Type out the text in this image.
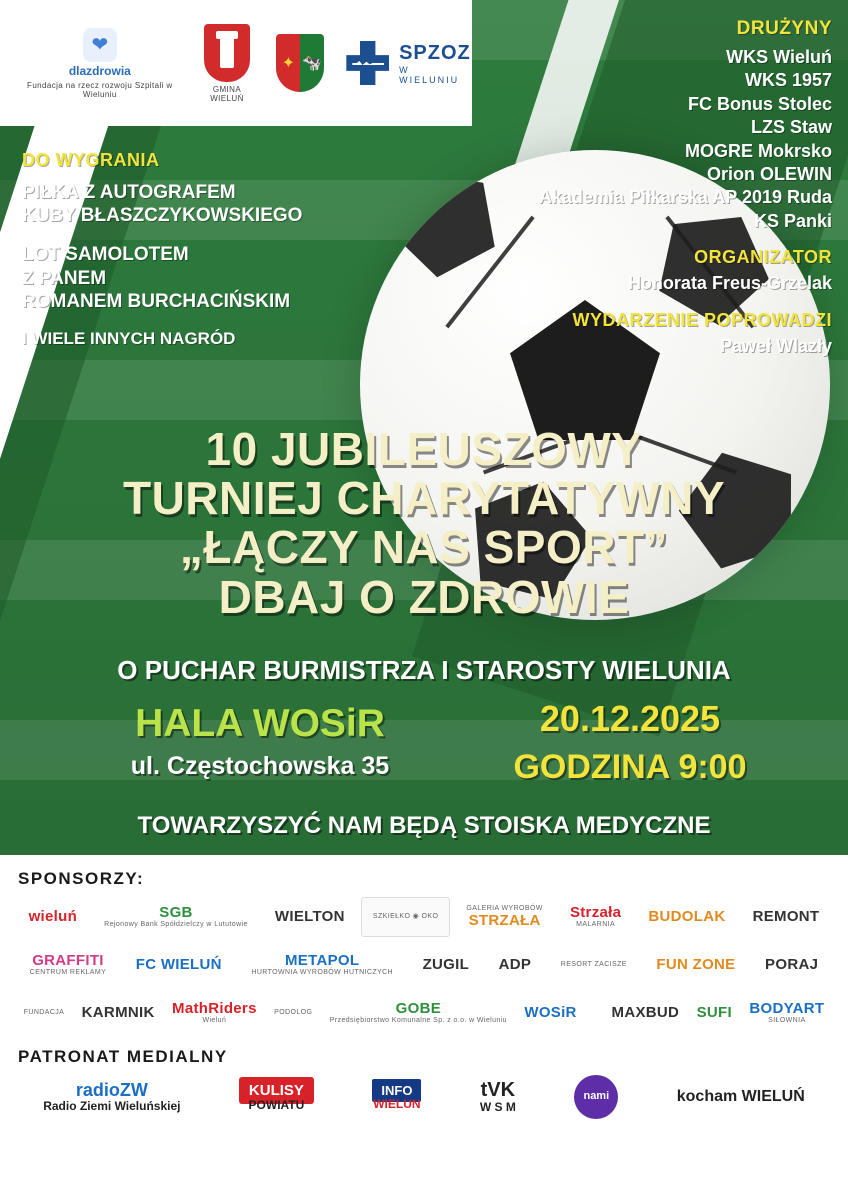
❤
dlazdrowia
Fundacja na rzecz rozwoju Szpitali w Wieluniu
GMINA WIELUŃ
✦ 🐄	SPZOZ
W WIELUNIU
DO WYGRANIA
PIŁKA Z AUTOGRAFEM
KUBY BŁASZCZYKOWSKIEGO
LOT SAMOLOTEM
Z PANEM
ROMANEM BURCHACIŃSKIM
I WIELE INNYCH NAGRÓD
DRUŻYNY
WKS Wieluń
WKS 1957
FC Bonus Stolec
LZS Staw
MOGRE Mokrsko
Orion OLEWIN
Akademia Piłkarska AP 2019 Ruda
KS Panki
ORGANIZATOR
Honorata Freus-Grzelak
WYDARZENIE POPROWADZI
Paweł Wlazły
10 JUBILEUSZOWY
TURNIEJ CHARYTATYWNY
„ŁĄCZY NAS SPORT”
DBAJ O ZDROWIE
O PUCHAR BURMISTRZA I STAROSTY WIELUNIA
HALA WOSiR
ul. Częstochowska 35
20.12.2025
GODZINA 9:00
TOWARZYSZYĆ NAM BĘDĄ STOISKA MEDYCZNE
SPONSORZY:
wieluń	SGB
Rejonowy Bank Spółdzielczy w Lututowie WIELTON	SZKIEŁKO ◉ OKO
GALERIA WYROBÓW
STRZAŁA Strzała
MALARNIA	BUDOLAK REMONT
GRAFFITI
CENTRUM REKLAMY FC WIELUŃ	METAPOL
HURTOWNIA WYROBÓW HUTNICZYCH ZUGIL ADP	RESORT ZACISZE FUN ZONE PORAJ
FUNDACJA KARMNIK MathRiders
Wieluń
PODOLOG	GOBE
Przedsiębiorstwo Komunalne Sp. z o.o. w Wieluniu WOSiR MAXBUD SUFI BODYART
SIŁOWNIA
PATRONAT MEDIALNY
radioZW
Radio Ziemi Wieluńskiej
KULISY
POWIATU
INFO
WIELUN
tVK
W S M
nami	kocham WIELUŃ
